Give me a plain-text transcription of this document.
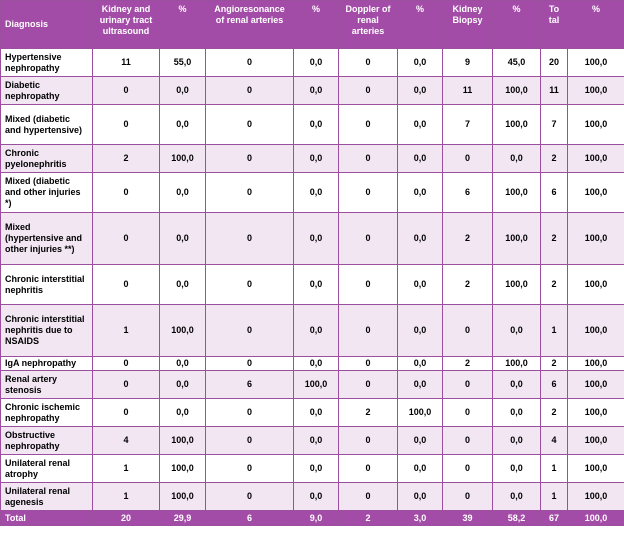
Diagnosis	Kidney and urinary tract ultrasound	%	Angioresonance of renal arteries	%	Doppler of renal arteries	%	Kidney Biopsy	%	To tal	%
Hypertensive nephropathy	11	55,0	0	0,0	0	0,0	9	45,0	20	100,0
Diabetic nephropathy	0	0,0	0	0,0	0	0,0	11	100,0	11	100,0
Mixed (diabetic and hypertensive)	0	0,0	0	0,0	0	0,0	7	100,0	7	100,0
Chronic pyelonephritis	2	100,0	0	0,0	0	0,0	0	0,0	2	100,0
Mixed (diabetic and other injuries *)	0	0,0	0	0,0	0	0,0	6	100,0	6	100,0
Mixed (hypertensive and other injuries **)	0	0,0	0	0,0	0	0,0	2	100,0	2	100,0
Chronic interstitial nephritis	0	0,0	0	0,0	0	0,0	2	100,0	2	100,0
Chronic interstitial nephritis due to NSAIDS	1	100,0	0	0,0	0	0,0	0	0,0	1	100,0
IgA nephropathy	0	0,0	0	0,0	0	0,0	2	100,0	2	100,0
Renal artery stenosis	0	0,0	6	100,0	0	0,0	0	0,0	6	100,0
Chronic ischemic nephropathy	0	0,0	0	0,0	2	100,0	0	0,0	2	100,0
Obstructive nephropathy	4	100,0	0	0,0	0	0,0	0	0,0	4	100,0
Unilateral renal atrophy	1	100,0	0	0,0	0	0,0	0	0,0	1	100,0
Unilateral renal agenesis	1	100,0	0	0,0	0	0,0	0	0,0	1	100,0
Total	20	29,9	6	9,0	2	3,0	39	58,2	67	100,0
